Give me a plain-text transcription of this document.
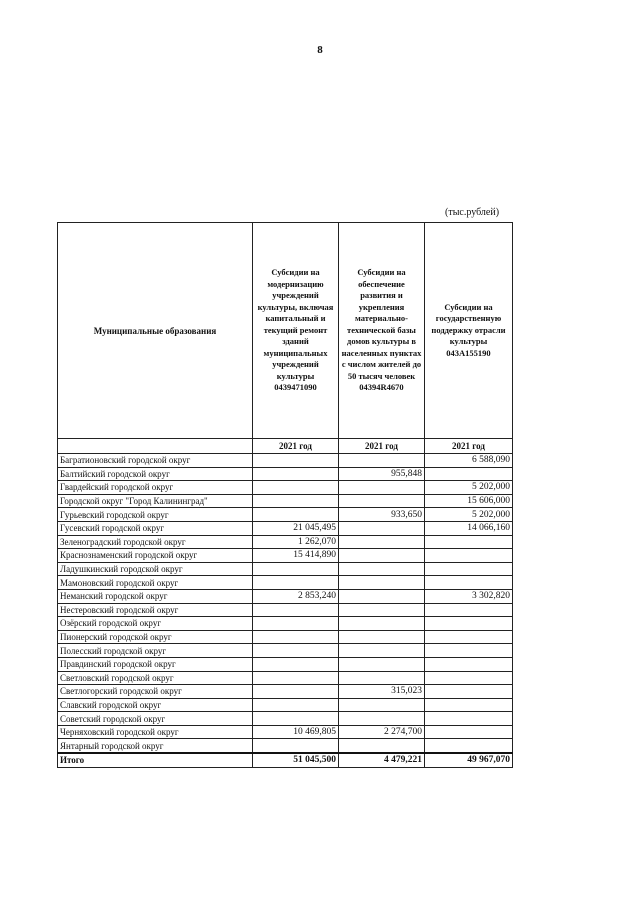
8
(тыс.рублей)
Муниципальные образования	Субсидии на модернизацию учреждений культуры, включая капитальный и текущий ремонт зданий муниципальных учреждений культуры 0439471090	Субсидии на обеспечение развития и укрепления материально-технической базы домов культуры в населенных пунктах с числом жителей до 50 тысяч человек 04394R4670	Субсидии на государственную поддержку отрасли культуры 043A155190
	2021 год	2021 год	2021 год
Багратионовский городской округ			6 588,090
Балтийский городской округ		955,848	
Гвардейский городской округ			5 202,000
Городской округ "Город Калининград"			15 606,000
Гурьевский городской округ		933,650	5 202,000
Гусевский городской округ	21 045,495		14 066,160
Зеленоградский городской округ	1 262,070		
Краснознаменский городской округ	15 414,890		
Ладушкинский городской округ			
Мамоновский городской округ			
Неманский городской округ	2 853,240		3 302,820
Нестеровский городской округ			
Озёрский городской округ			
Пионерский городской округ			
Полесский городской округ			
Правдинский городской округ			
Светловский городской округ			
Светлогорский городской округ		315,023	
Славский городской округ			
Советский городской округ			
Черняховский городской округ	10 469,805	2 274,700	
Янтарный городской округ			
Итого	51 045,500	4 479,221	49 967,070
